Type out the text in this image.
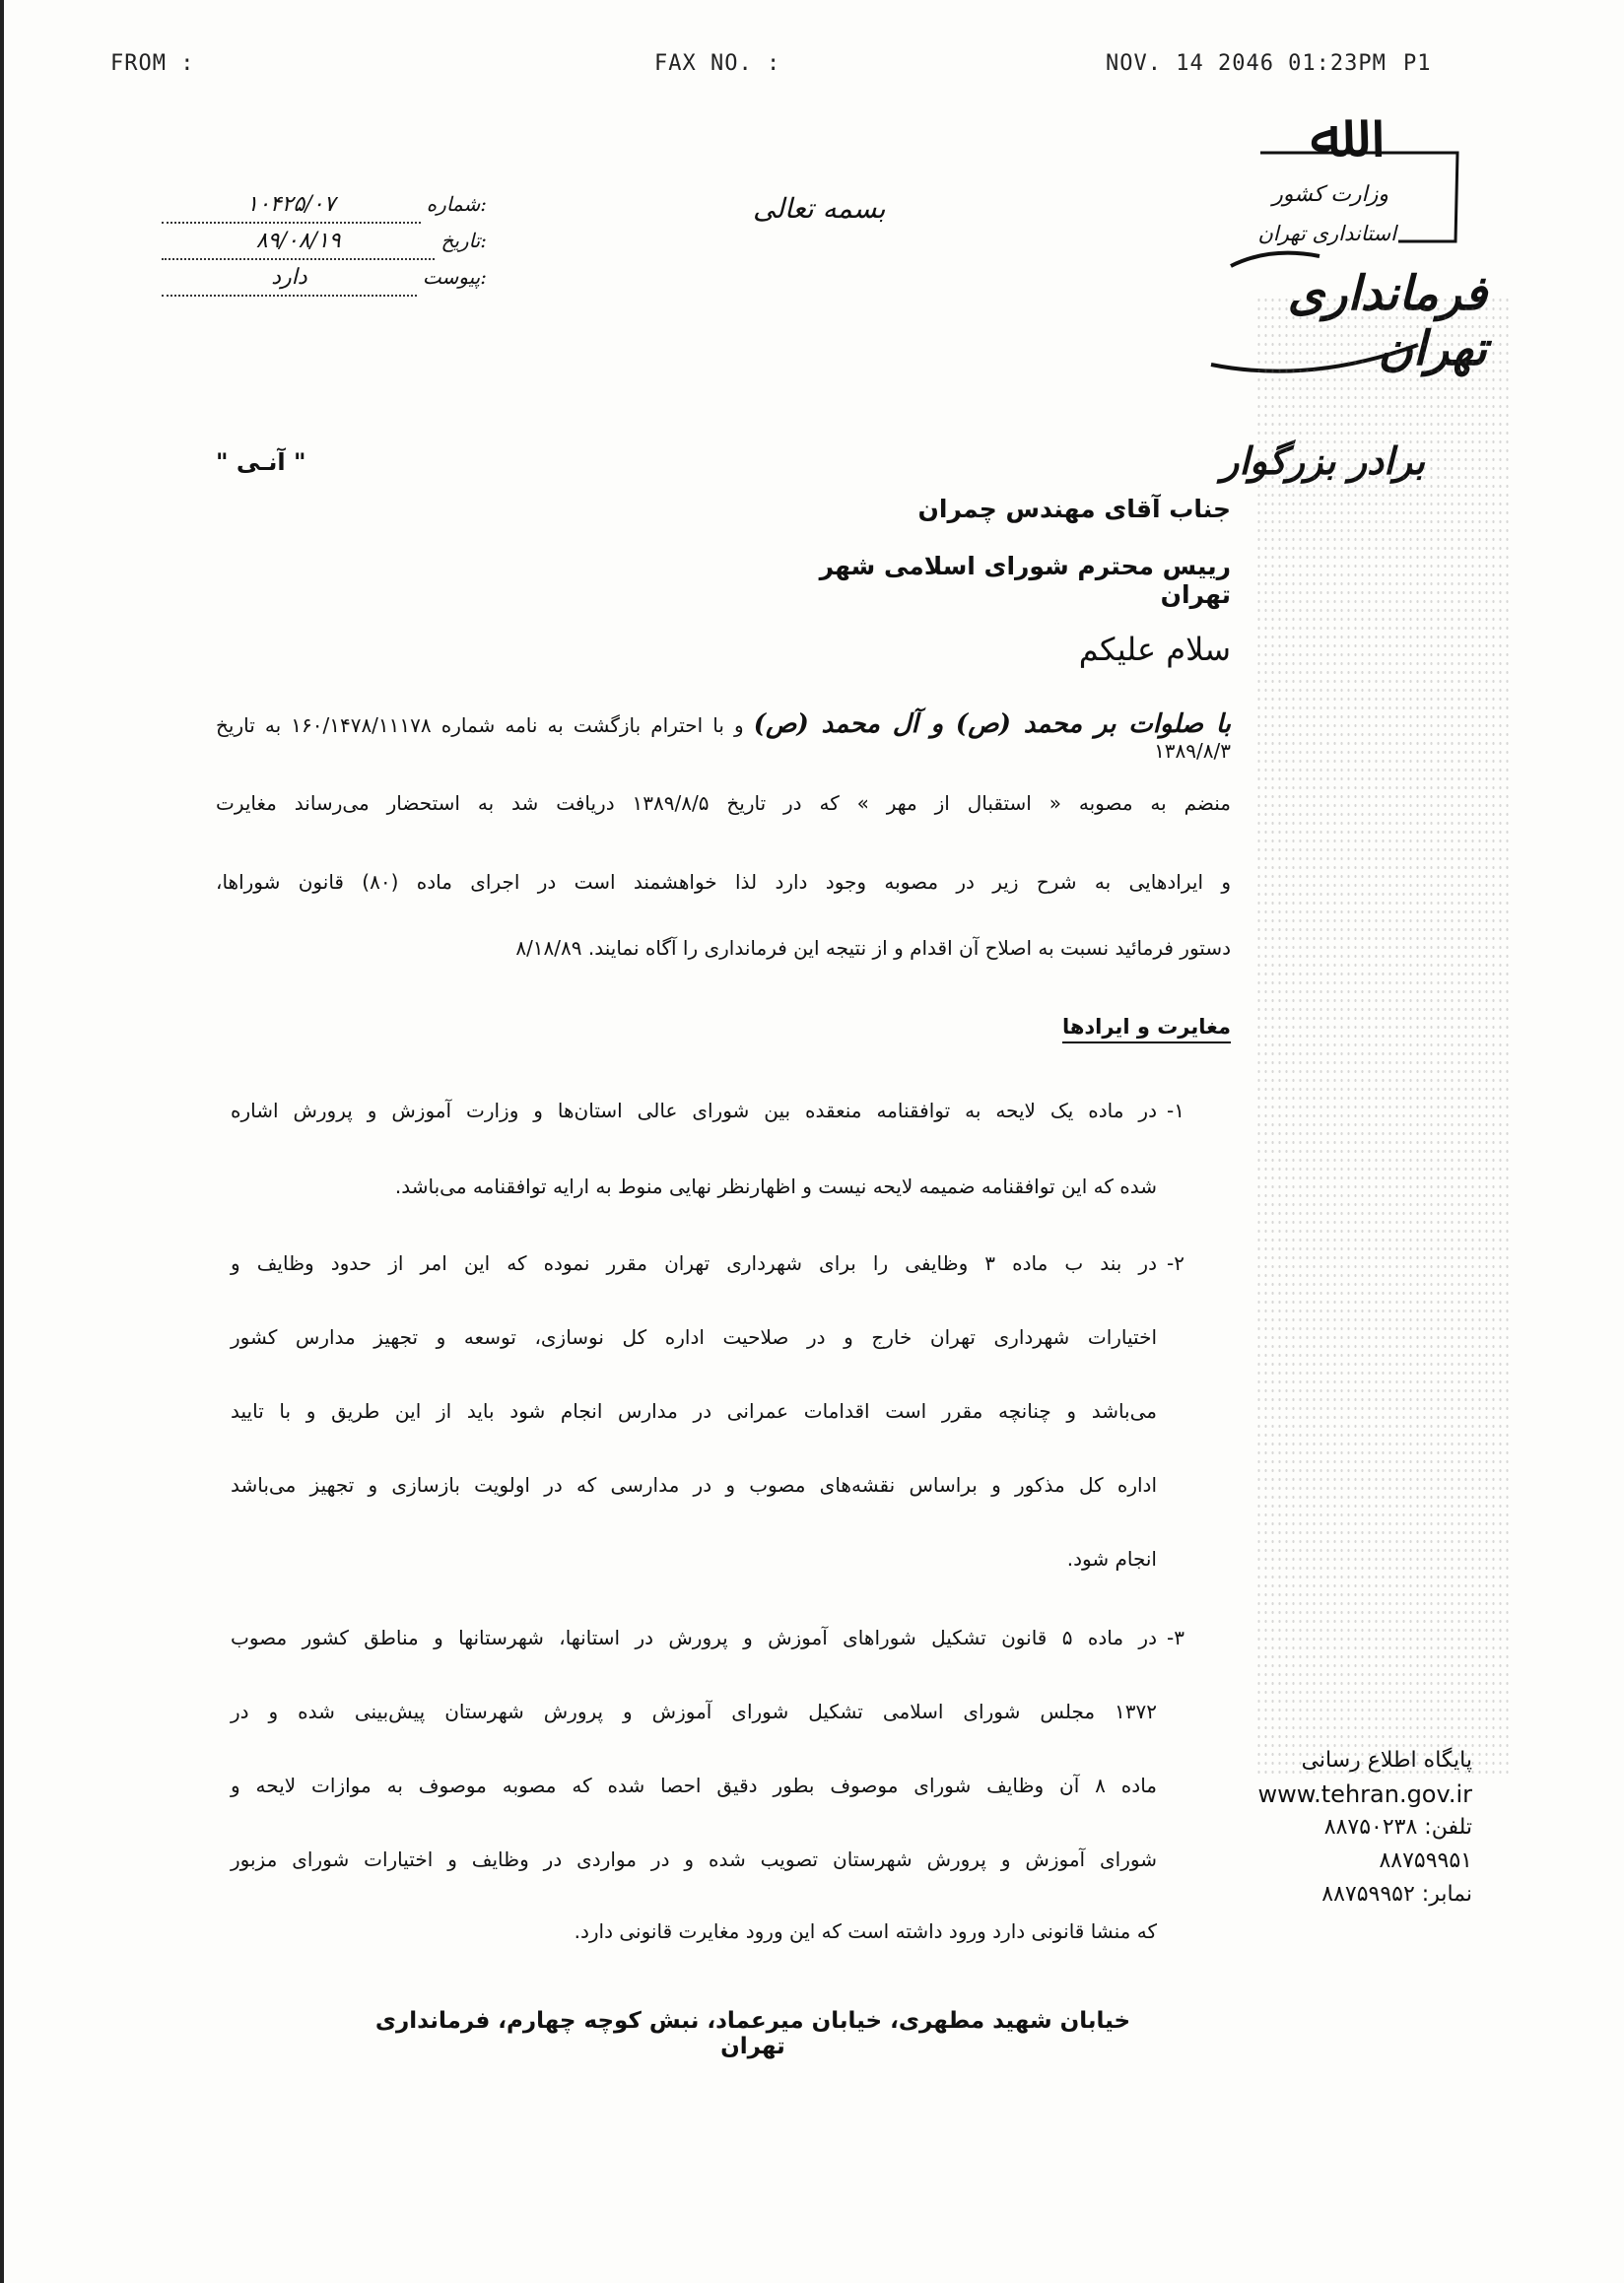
FROM :	FAX NO. :	NOV. 14 2046 01:23PM P1
شماره:
۱۰۴۲۵/۰۷
تاریخ:
۸۹/۰۸/۱۹
پیوست:
دارد
بسمه تعالی
ﷲ
وزارت کشور
استانداری تهران
فرمانداری تهران
" آنـی "	برادر بزرگوار
جناب آقای مهندس چمران
رییس محترم شورای اسلامی شهر تهران
سلام علیکم
با صلوات بر محمد (ص) و آل محمد (ص) و با احترام بازگشت به نامه شماره ۱۶۰/۱۴۷۸/۱۱۱۷۸ به تاریخ ۱۳۸۹/۸/۳
منضم به مصوبه « استقبال از مهر » که در تاریخ ۱۳۸۹/۸/۵ دریافت شد به استحضار می‌رساند مغایرت
و ایرادهایی به شرح زیر در مصوبه وجود دارد لذا خواهشمند است در اجرای ماده (۸۰) قانون شوراها،
دستور فرمائید نسبت به اصلاح آن اقدام و از نتیجه این فرمانداری را آگاه نمایند. ۸/۱۸/۸۹
مغایرت و ایرادها
۱-
در ماده یک لایحه به توافقنامه منعقده بین شورای عالی استان‌ها و وزارت آموزش و پرورش اشاره
شده که این توافقنامه ضمیمه لایحه نیست و اظهارنظر نهایی منوط به ارایه توافقنامه می‌باشد.
۲-
در بند ب ماده ۳ وظایفی را برای شهرداری تهران مقرر نموده که این امر از حدود وظایف و
اختیارات شهرداری تهران خارج و در صلاحیت اداره کل نوسازی، توسعه و تجهیز مدارس کشور
می‌باشد و چنانچه مقرر است اقدامات عمرانی در مدارس انجام شود باید از این طریق و با تایید
اداره کل مذکور و براساس نقشه‌های مصوب و در مدارسی که در اولویت بازسازی و تجهیز می‌باشد
انجام شود.
۳-
در ماده ۵ قانون تشکیل شوراهای آموزش و پرورش در استانها، شهرستانها و مناطق کشور مصوب
۱۳۷۲ مجلس شورای اسلامی تشکیل شورای آموزش و پرورش شهرستان پیش‌بینی شده و در
ماده ۸ آن وظایف شورای موصوف بطور دقیق احصا شده که مصوبه موصوف به موازات لایحه و
شورای آموزش و پرورش شهرستان تصویب شده و در مواردی در وظایف و اختیارات شورای مزبور
که منشا قانونی دارد ورود داشته است که این ورود مغایرت قانونی دارد.
پایگاه اطلاع رسانی
www.tehran.gov.ir
تلفن: ۸۸۷۵۰۲۳۸
۸۸۷۵۹۹۵۱
نمابر: ۸۸۷۵۹۹۵۲
خیابان شهید مطهری، خیابان میرعماد، نبش کوچه چهارم، فرمانداری تهران
